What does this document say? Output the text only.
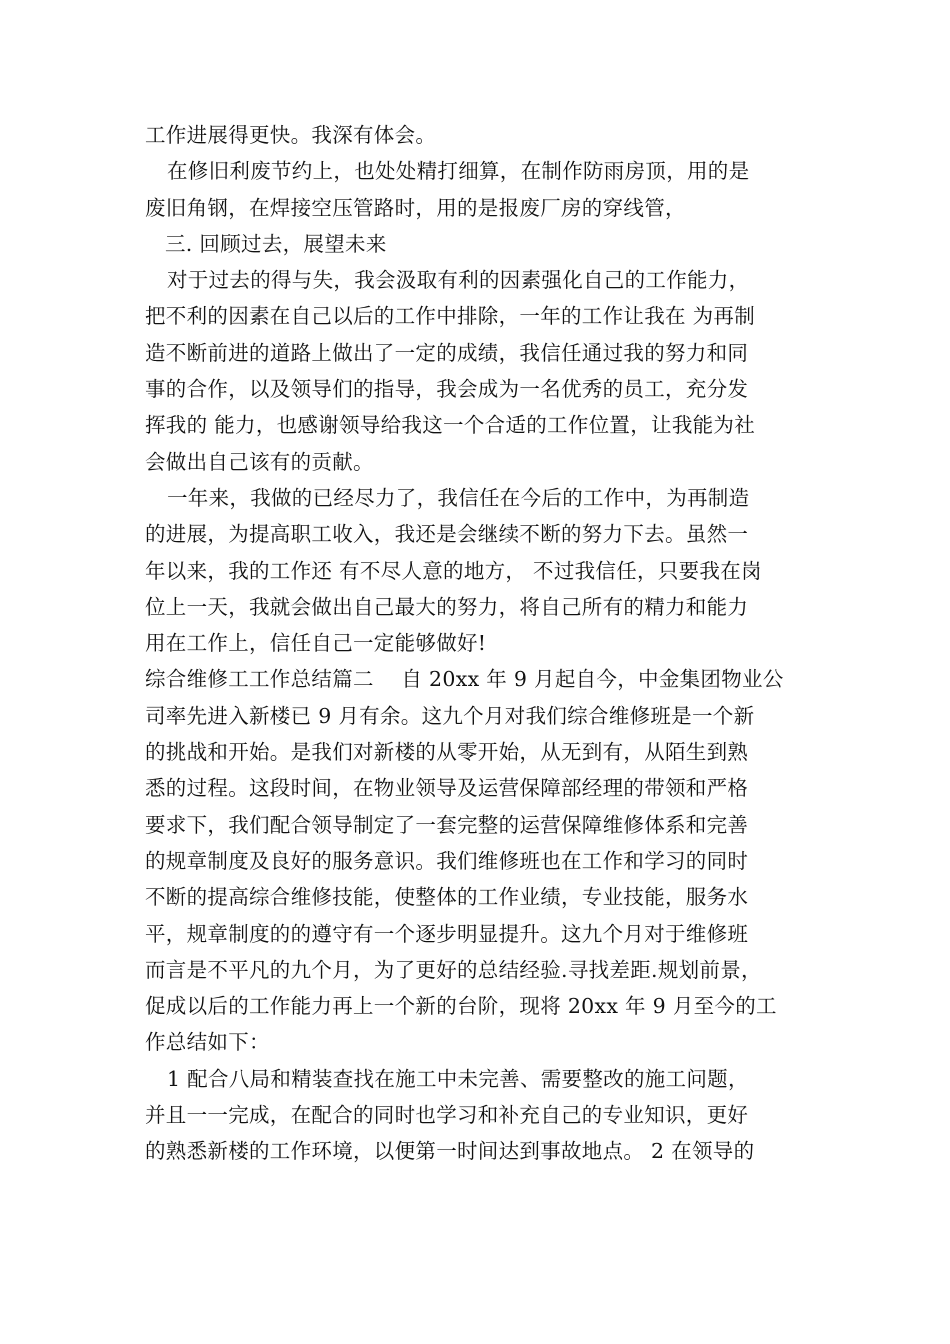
工作进展得更快。我深有体会。
在修旧利废节约上，也处处精打细算，在制作防雨房顶，用的是
废旧角钢，在焊接空压管路时，用的是报废厂房的穿线管，
三. 回顾过去，展望未来
对于过去的得与失，我会汲取有利的因素强化自己的工作能力，
把不利的因素在自己以后的工作中排除，一年的工作让我在 为再制
造不断前进的道路上做出了一定的成绩，我信任通过我的努力和同
事的合作，以及领导们的指导，我会成为一名优秀的员工，充分发
挥我的 能力，也感谢领导给我这一个合适的工作位置，让我能为社
会做出自己该有的贡献。
一年来，我做的已经尽力了，我信任在今后的工作中，为再制造
的进展，为提高职工收入，我还是会继续不断的努力下去。虽然一
年以来，我的工作还 有不尽人意的地方， 不过我信任，只要我在岗
位上一天，我就会做出自己最大的努力，将自己所有的精力和能力
用在工作上，信任自己一定能够做好!
综合维修工工作总结篇二　 自 20xx 年 9 月起自今，中金集团物业公
司率先进入新楼已 9 月有余。这九个月对我们综合维修班是一个新
的挑战和开始。是我们对新楼的从零开始，从无到有，从陌生到熟
悉的过程。这段时间，在物业领导及运营保障部经理的带领和严格
要求下，我们配合领导制定了一套完整的运营保障维修体系和完善
的规章制度及良好的服务意识。我们维修班也在工作和学习的同时
不断的提高综合维修技能，使整体的工作业绩，专业技能，服务水
平，规章制度的的遵守有一个逐步明显提升。这九个月对于维修班
而言是不平凡的九个月，为了更好的总结经验.寻找差距.规划前景，
促成以后的工作能力再上一个新的台阶，现将 20xx 年 9 月至今的工
作总结如下：
1 配合八局和精装查找在施工中未完善、需要整改的施工问题，
并且一一完成，在配合的同时也学习和补充自己的专业知识，更好
的熟悉新楼的工作环境，以便第一时间达到事故地点。 2 在领导的
